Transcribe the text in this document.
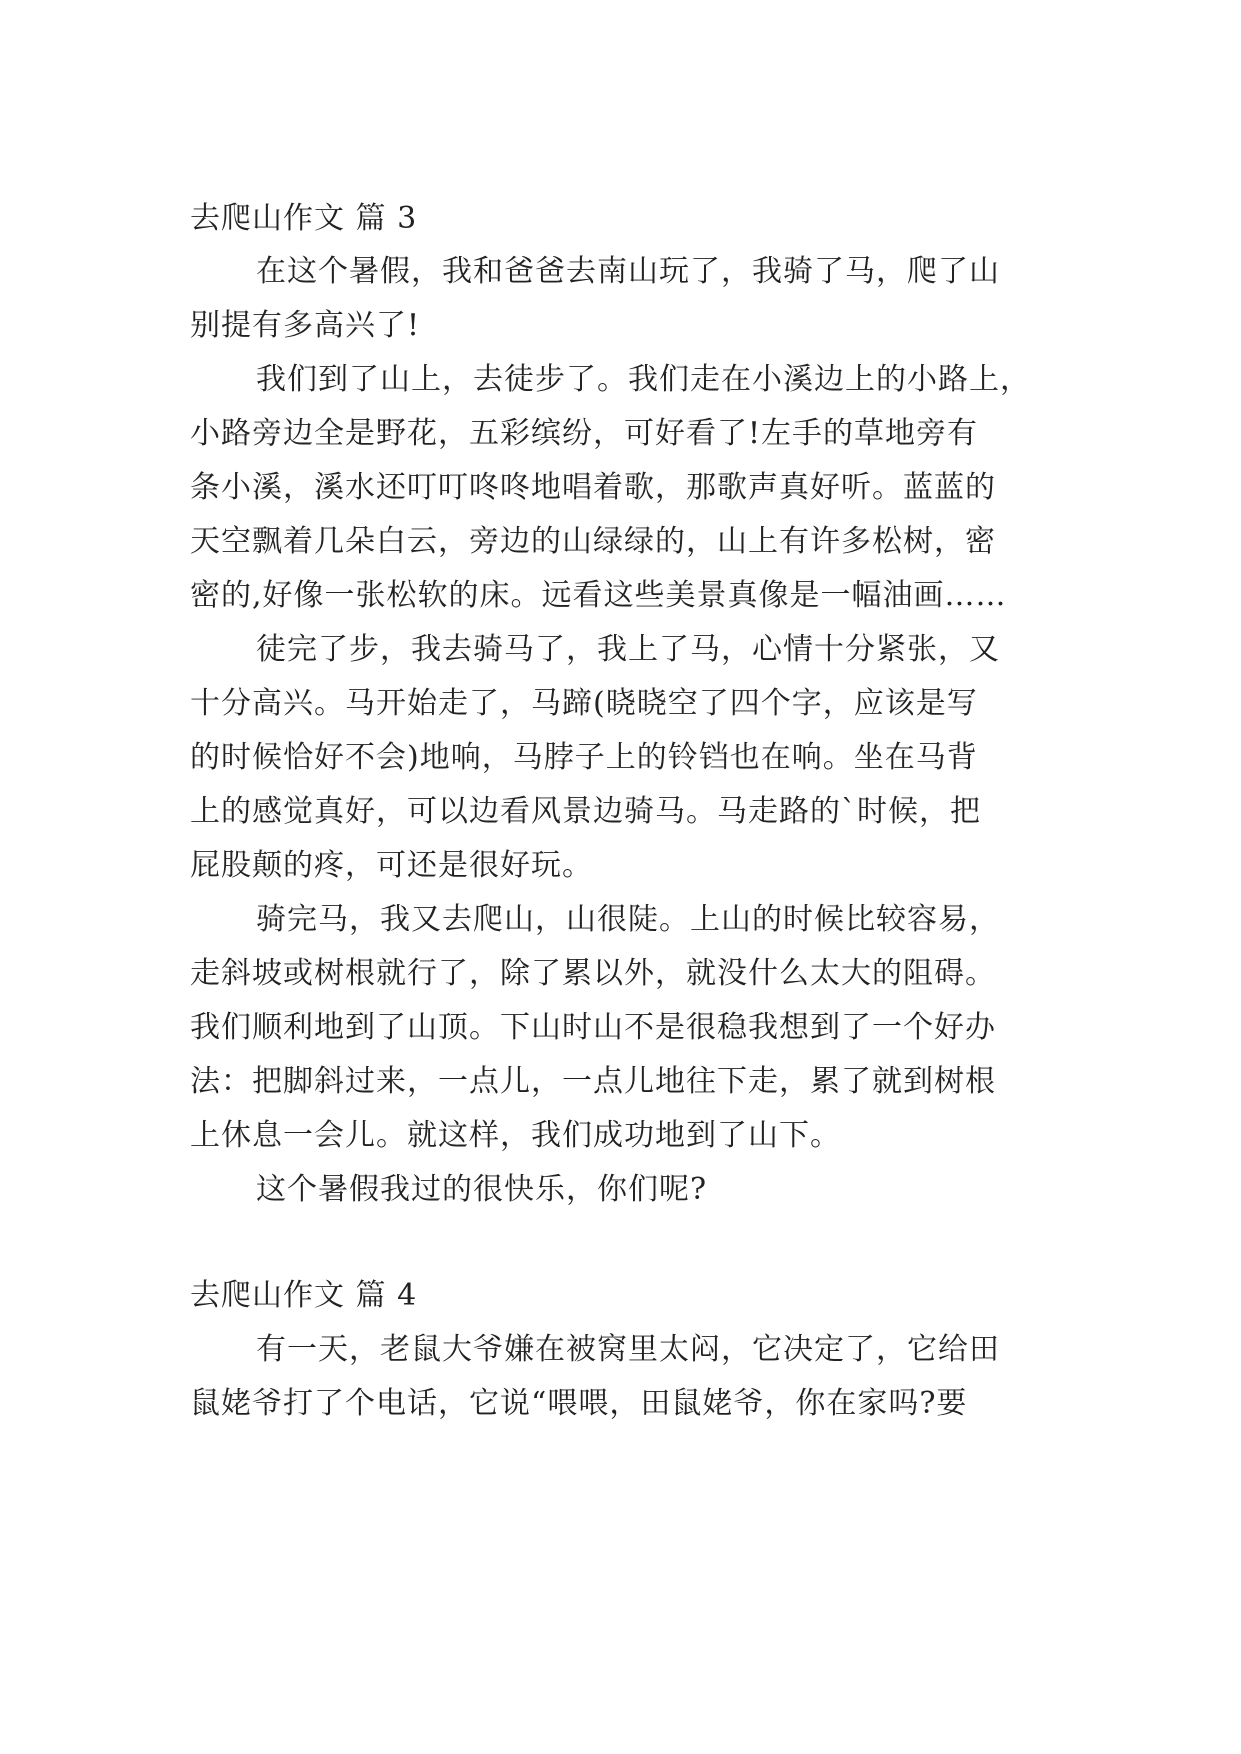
去爬山作文 篇 3
在这个暑假，我和爸爸去南山玩了，我骑了马，爬了山
别提有多高兴了!
我们到了山上，去徒步了。我们走在小溪边上的小路上，
小路旁边全是野花，五彩缤纷，可好看了!左手的草地旁有
条小溪，溪水还叮叮咚咚地唱着歌，那歌声真好听。蓝蓝的
天空飘着几朵白云，旁边的山绿绿的，山上有许多松树，密
密的,好像一张松软的床。远看这些美景真像是一幅油画……
徒完了步，我去骑马了，我上了马，心情十分紧张，又
十分高兴。马开始走了，马蹄(晓晓空了四个字，应该是写
的时候恰好不会)地响，马脖子上的铃铛也在响。坐在马背
上的感觉真好，可以边看风景边骑马。马走路的`时候，把
屁股颠的疼，可还是很好玩。
骑完马，我又去爬山，山很陡。上山的时候比较容易，
走斜坡或树根就行了，除了累以外，就没什么太大的阻碍。
我们顺利地到了山顶。下山时山不是很稳我想到了一个好办
法：把脚斜过来，一点儿，一点儿地往下走，累了就到树根
上休息一会儿。就这样，我们成功地到了山下。
这个暑假我过的很快乐，你们呢?
去爬山作文 篇 4
有一天，老鼠大爷嫌在被窝里太闷，它决定了，它给田
鼠姥爷打了个电话，它说“喂喂，田鼠姥爷，你在家吗?要
